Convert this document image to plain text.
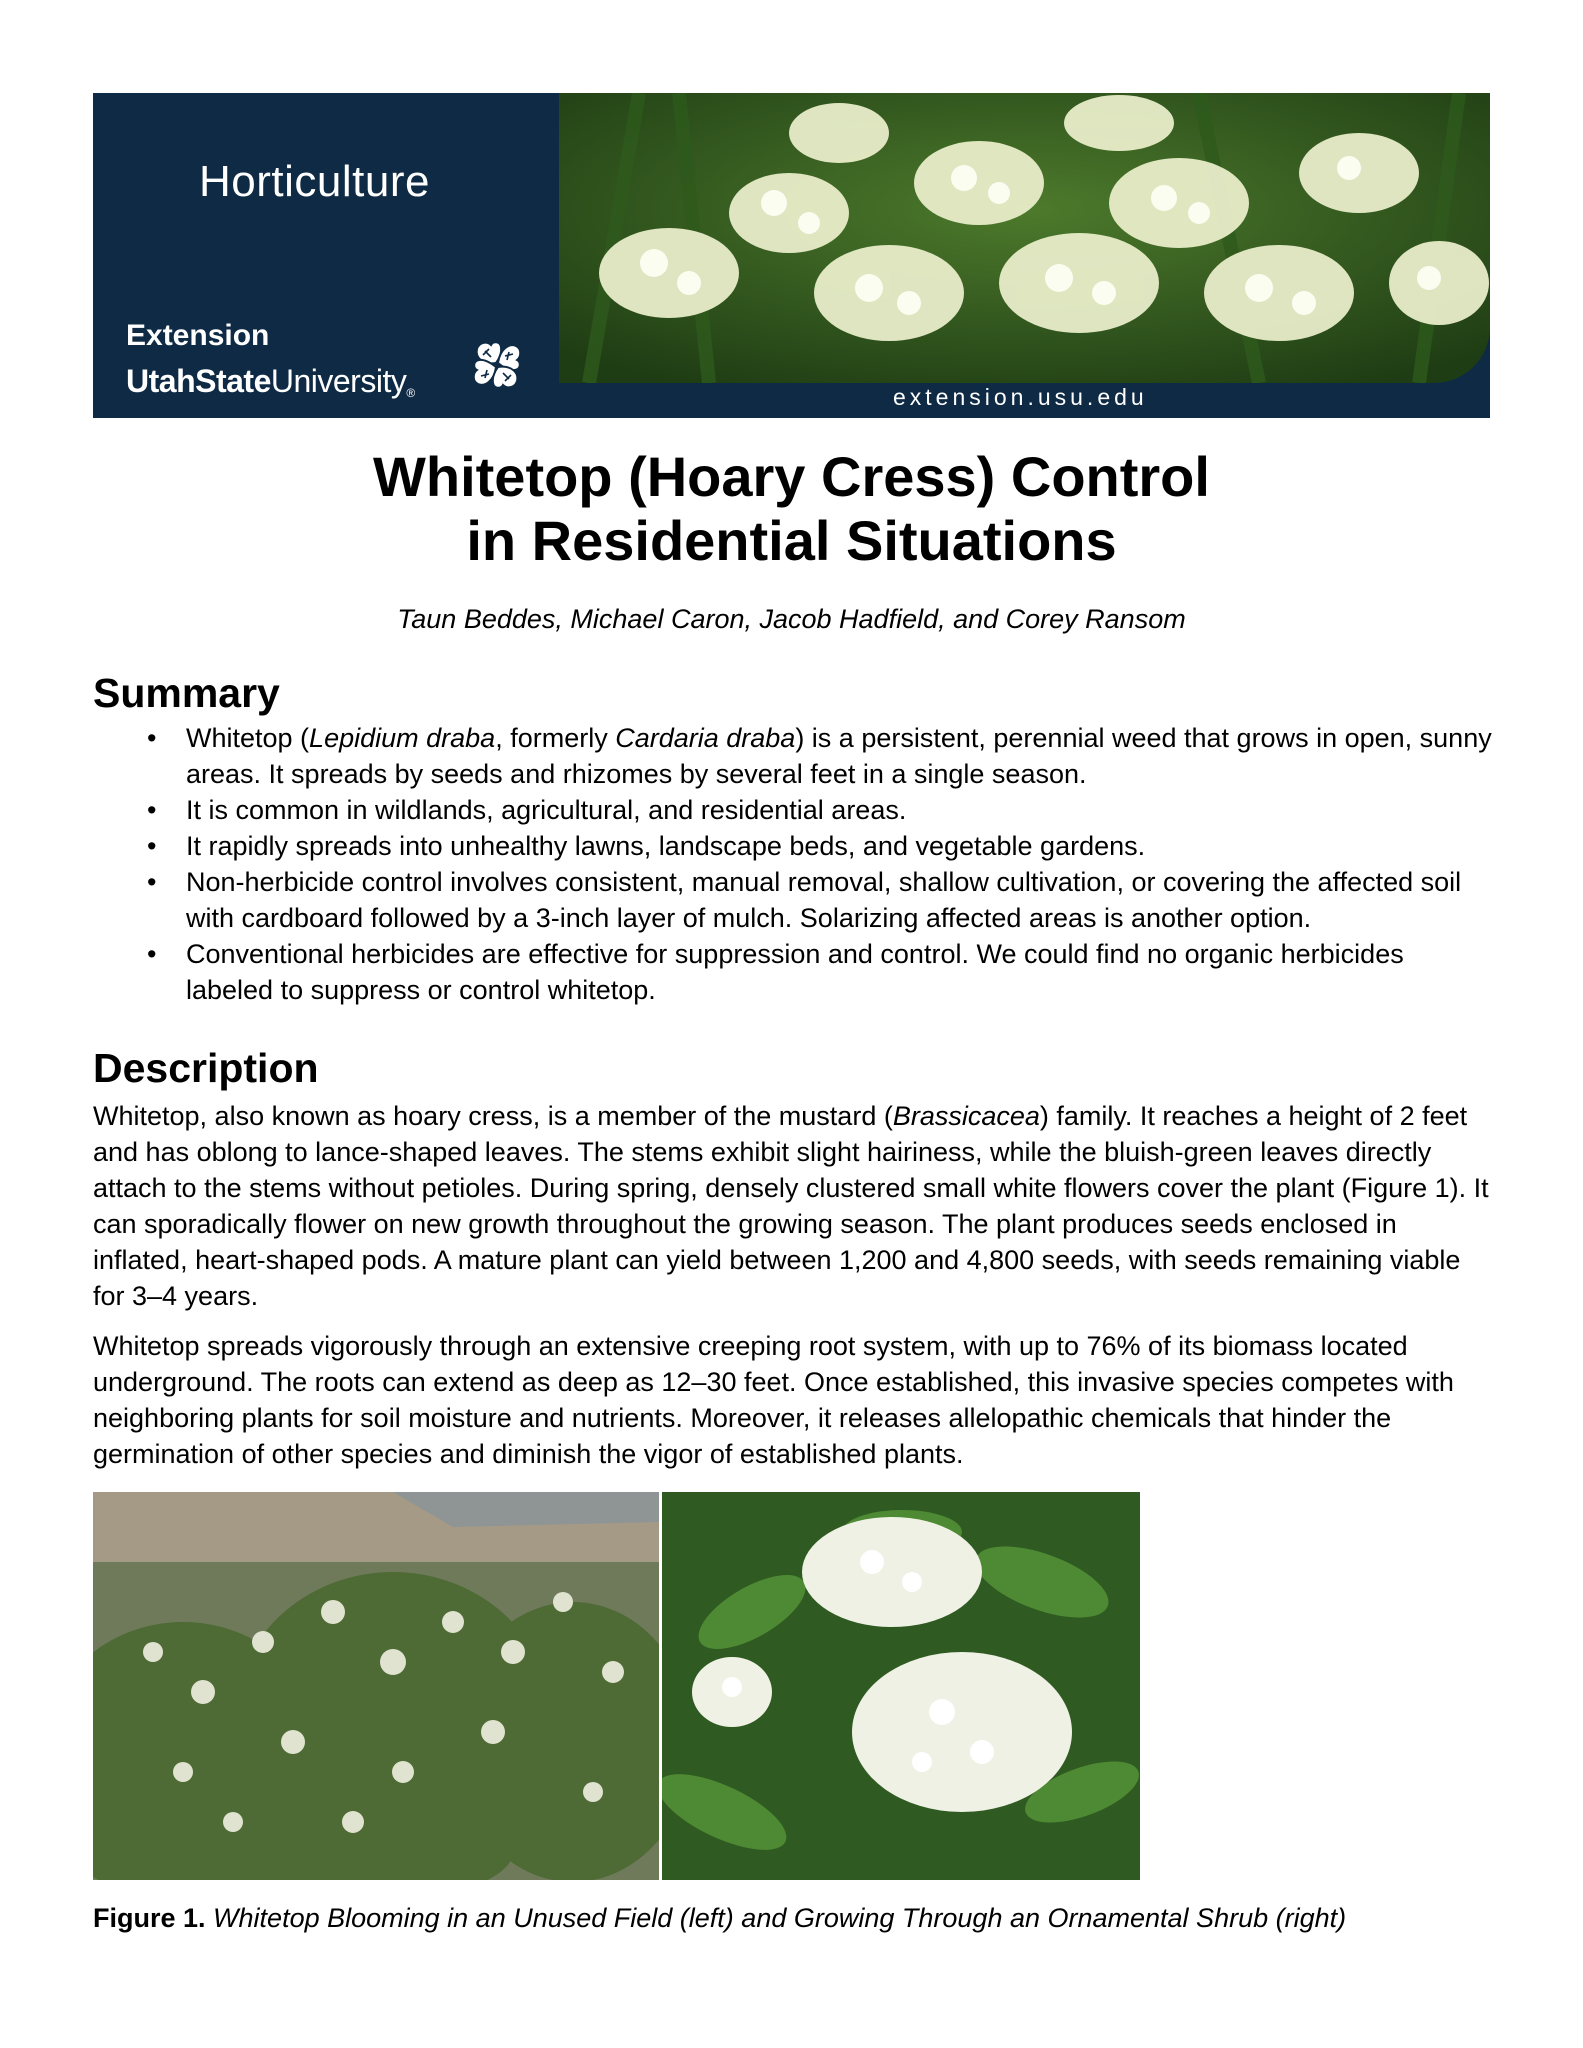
Horticulture
Extension
UtahStateUniversity®	extension.usu.edu
Whitetop (Hoary Cress) Control
in Residential Situations
Taun Beddes, Michael Caron, Jacob Hadfield, and Corey Ransom
Summary
• Whitetop (Lepidium draba, formerly Cardaria draba) is a persistent, perennial weed that grows in open, sunny areas. It spreads by seeds and rhizomes by several feet in a single season.
• It is common in wildlands, agricultural, and residential areas.
• It rapidly spreads into unhealthy lawns, landscape beds, and vegetable gardens.
• Non-herbicide control involves consistent, manual removal, shallow cultivation, or covering the affected soil with cardboard followed by a 3-inch layer of mulch. Solarizing affected areas is another option.
• Conventional herbicides are effective for suppression and control. We could find no organic herbicides labeled to suppress or control whitetop.
Description

Whitetop, also known as hoary cress, is a member of the mustard (Brassicacea) family. It reaches a height of 2 feet and has oblong to lance-shaped leaves. The stems exhibit slight hairiness, while the bluish-green leaves directly attach to the stems without petioles. During spring, densely clustered small white flowers cover the plant (Figure 1). It can sporadically flower on new growth throughout the growing season. The plant produces seeds enclosed in inflated, heart-shaped pods. A mature plant can yield between 1,200 and 4,800 seeds, with seeds remaining viable for 3–4 years.

Whitetop spreads vigorously through an extensive creeping root system, with up to 76% of its biomass located underground. The roots can extend as deep as 12–30 feet. Once established, this invasive species competes with neighboring plants for soil moisture and nutrients. Moreover, it releases allelopathic chemicals that hinder the germination of other species and diminish the vigor of established plants.

Figure 1. Whitetop Blooming in an Unused Field (left) and Growing Through an Ornamental Shrub (right)
